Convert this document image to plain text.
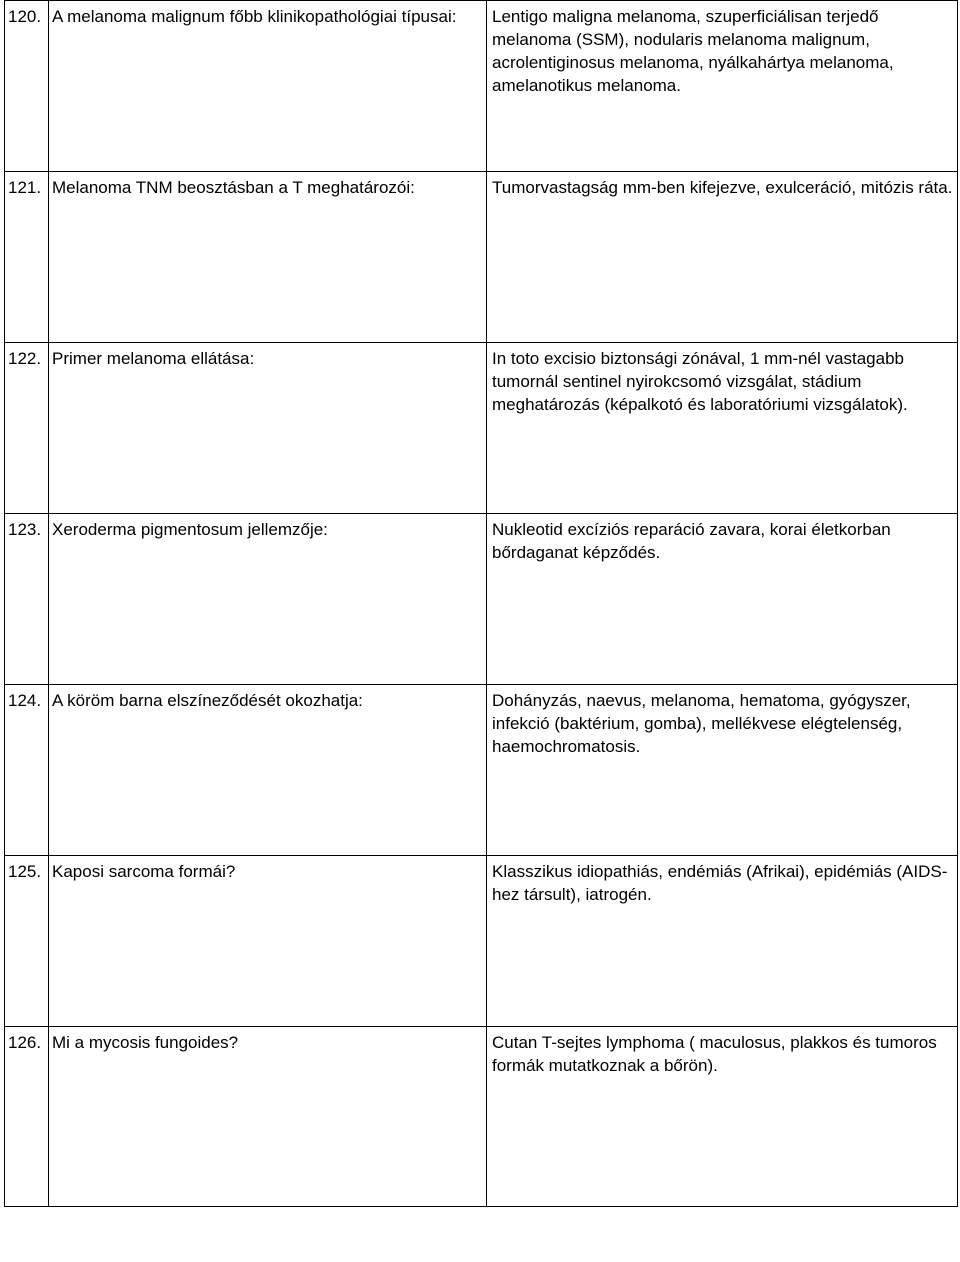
120.	A melanoma malignum főbb klinikopathológiai típusai:	Lentigo maligna melanoma, szuperficiálisan terjedő melanoma (SSM), nodularis melanoma malignum, acrolentiginosus melanoma, nyálkahártya melanoma, amelanotikus melanoma.
121.	Melanoma TNM beosztásban a T meghatározói:	Tumorvastagság mm-ben kifejezve, exulceráció, mitózis ráta.
122.	Primer melanoma ellátása:	In toto excisio biztonsági zónával, 1 mm-nél vastagabb tumornál sentinel nyirokcsomó vizsgálat, stádium meghatározás (képalkotó és laboratóriumi vizsgálatok).
123.	Xeroderma pigmentosum jellemzője:	Nukleotid excíziós reparáció zavara, korai életkorban bőrdaganat képződés.
124.	A köröm barna elszíneződését okozhatja:	Dohányzás, naevus, melanoma, hematoma, gyógyszer, infekció (baktérium, gomba), mellékvese elégtelenség, haemochromatosis.
125.	Kaposi sarcoma formái?	Klasszikus idiopathiás, endémiás (Afrikai), epidémiás (AIDS-hez társult), iatrogén.
126.	Mi a mycosis fungoides?	Cutan T-sejtes lymphoma ( maculosus, plakkos és tumoros formák mutatkoznak a bőrön).
